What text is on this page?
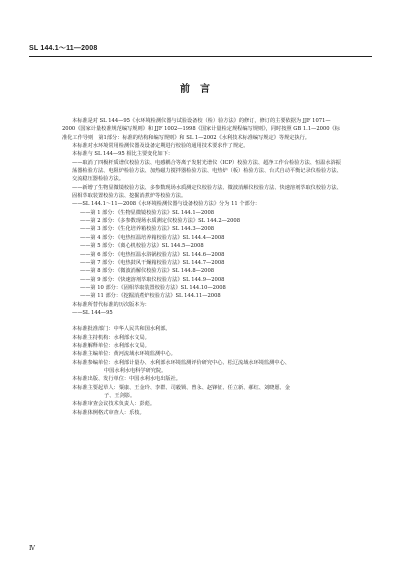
SL 144.1～11—2008
前言

本标准是对 SL 144—95《水环境检测仪器与试验设备校（检）验方法》的修订，修订的主要依据为 JJF 1071—2000《国家计量校准规范编写规则》和 JJF 1002—1998《国家计量检定规程编写规则》，同时按照 GB 1.1—2000《标准化工作导则　第1部分：标准的结构和编写规则》和 SL 1—2002《水利技术标准编写规定》等规定执行。

本标准对水环境常用检测仪器及设备定期进行校验的通用技术要求作了规定。

本标准与 SL 144—95 相比主要变化如下：

——取消了四极杆质谱仪校验方法、电感耦合等离子发射光谱仪（ICP）校验方法、超净工作台检验方法、恒温水浴振荡器检验方法、电阻炉检验方法、加热磁力搅拌器检验方法、电热炉（板）检验方法、台式自动平衡记录仪检验方法、交流稳压器检验方法。

——新增了生物显微镜校验方法、多参数现场水质测定仪校验方法、微波消解仪校验方法、快速溶剂萃取仪校验方法、固相萃取装置校验方法、挖掘消煮炉等校验方法。

——SL 144.1～11—2008《水环境检测仪器与设备校验方法》分为 11 个部分：

——第 1 部分：《生物显微镜校验方法》SL 144.1—2008

——第 2 部分：《多参数现场水质测定仪校验方法》SL 144.2—2008

——第 3 部分：《生化培养箱校验方法》SL 144.3—2008

——第 4 部分：《电热恒温培养箱校验方法》SL 144.4—2008

——第 5 部分：《离心机校验方法》SL 144.5—2008

——第 6 部分：《电热恒温水浴锅校验方法》SL 144.6—2008

——第 7 部分：《电热鼓风干燥箱校验方法》SL 144.7—2008

——第 8 部分：《微波消解仪校验方法》SL 144.8—2008

——第 9 部分：《快速溶剂萃取仪校验方法》SL 144.9—2008

——第 10 部分：《固相萃取装置校验方法》SL 144.10—2008

——第 11 部分：《挖掘消煮炉校验方法》SL 144.11—2008

本标准所替代标准的历次版本为：

——SL 144—95

本标准批准部门：中华人民共和国水利部。

本标准主持机构：水利部水文局。

本标准解释单位：水利部水文局。

本标准主编单位：黄河流域水环境监测中心。

本标准参编单位：水利部计量办、水利部水环境监测评价研究中心、松辽流域水环境监测中心、

中国水利水电科学研究院。

本标准出版、发行单位：中国水利水电出版社。

本标准主要起草人：粟康、王金玲、李群、司毅锁、曾永、赵锋征、任立新、郝红、刘晓愿、金

子、王剑影。

本标准审查会议技术负责人：彭彪。

本标准体例格式审查人：乐枝。

Ⅳ
